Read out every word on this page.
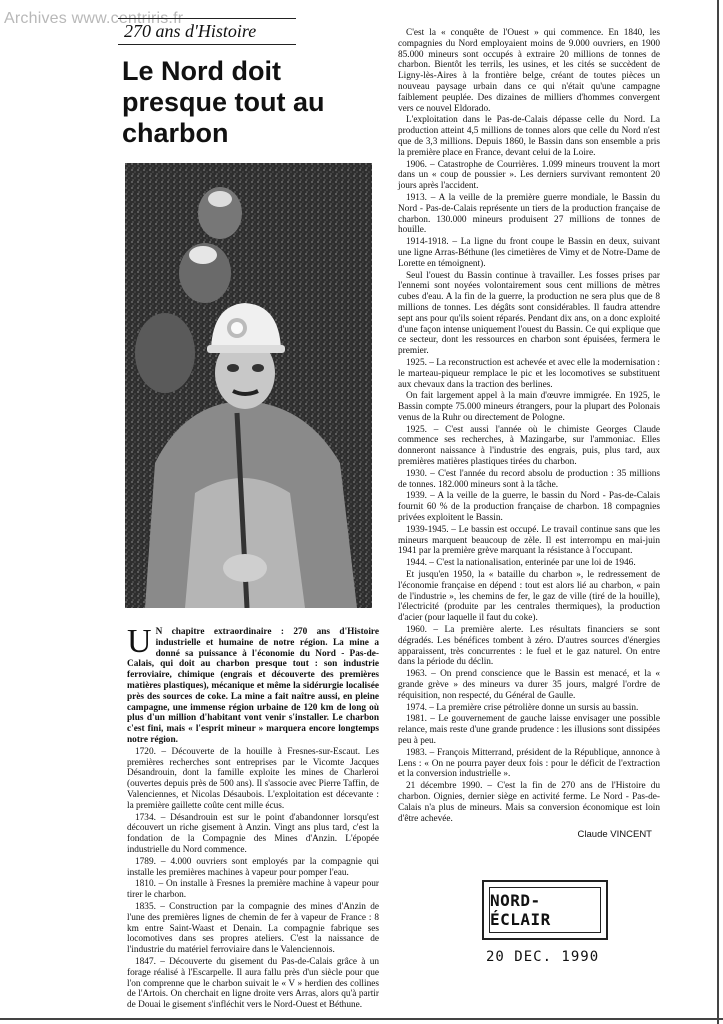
Archives www.centriris.fr
270 ans d'Histoire
Le Nord doit presque tout au charbon

U N chapitre extraordinaire : 270 ans d'Histoire industrielle et humaine de notre région. La mine a donné sa puissance à l'économie du Nord - Pas-de-Calais, qui doit au charbon presque tout : son industrie ferroviaire, chimique (engrais et découverte des premières matières plastiques), mécanique et même la sidérurgie localisée près des sources de coke. La mine a fait naître aussi, en pleine campagne, une immense région urbaine de 120 km de long où plus d'un million d'habitant vont venir s'installer. Le charbon c'est fini, mais « l'esprit mineur » marquera encore longtemps notre région.

1720. – Découverte de la houille à Fresnes-sur-Escaut. Les premières recherches sont entreprises par le Vicomte Jacques Désandrouin, dont la famille exploite les mines de Charleroi (ouvertes depuis près de 500 ans). Il s'associe avec Pierre Taffin, de Valenciennes, et Nicolas Désaubois. L'exploitation est décevante : la première gaillette coûte cent mille écus.

1734. – Désandrouin est sur le point d'abandonner lorsqu'est découvert un riche gisement à Anzin. Vingt ans plus tard, c'est la fondation de la Compagnie des Mines d'Anzin. L'épopée industrielle du Nord commence.

1789. – 4.000 ouvriers sont employés par la compagnie qui installe les premières machines à vapeur pour pomper l'eau.

1810. – On installe à Fresnes la première machine à vapeur pour tirer le charbon.

1835. – Construction par la compagnie des mines d'Anzin de l'une des premières lignes de chemin de fer à vapeur de France : 8 km entre Saint-Waast et Denain. La compagnie fabrique ses locomotives dans ses propres ateliers. C'est la naissance de l'industrie du matériel ferroviaire dans le Valenciennois.

1847. – Découverte du gisement du Pas-de-Calais grâce à un forage réalisé à l'Escarpelle. Il aura fallu près d'un siècle pour que l'on comprenne que le charbon suivait le « V » herdien des collines de l'Artois. On cherchait en ligne droite vers Arras, alors qu'à partir de Douai le gisement s'infléchit vers le Nord-Ouest et Béthune.

C'est la « conquête de l'Ouest » qui commence. En 1840, les compagnies du Nord employaient moins de 9.000 ouvriers, en 1900 85.000 mineurs sont occupés à extraire 20 millions de tonnes de charbon. Bientôt les terrils, les usines, et les cités se succèdent de Ligny-lès-Aires à la frontière belge, créant de toutes pièces un nouveau paysage urbain dans ce qui n'était qu'une campagne faiblement peuplée. Des dizaines de milliers d'hommes convergent vers ce nouvel Eldorado.

L'exploitation dans le Pas-de-Calais dépasse celle du Nord. La production atteint 4,5 millions de tonnes alors que celle du Nord n'est que de 3,3 millions. Depuis 1860, le Bassin dans son ensemble a pris la première place en France, devant celui de la Loire.

1906. – Catastrophe de Courrières. 1.099 mineurs trouvent la mort dans un « coup de poussier ». Les derniers survivant remontent 20 jours après l'accident.

1913. – A la veille de la première guerre mondiale, le Bassin du Nord - Pas-de-Calais représente un tiers de la production française de charbon. 130.000 mineurs produisent 27 millions de tonnes de houille.

1914-1918. – La ligne du front coupe le Bassin en deux, suivant une ligne Arras-Béthune (les cimetières de Vimy et de Notre-Dame de Lorette en témoignent).

Seul l'ouest du Bassin continue à travailler. Les fosses prises par l'ennemi sont noyées volontairement sous cent millions de mètres cubes d'eau. A la fin de la guerre, la production ne sera plus que de 8 millions de tonnes. Les dégâts sont considérables. Il faudra attendre sept ans pour qu'ils soient réparés. Pendant dix ans, on a donc exploité d'une façon intense uniquement l'ouest du Bassin. Ce qui explique que ce secteur, dont les ressources en charbon sont épuisées, fermera le premier.

1925. – La reconstruction est achevée et avec elle la modernisation : le marteau-piqueur remplace le pic et les locomotives se substituent aux chevaux dans la traction des berlines.

On fait largement appel à la main d'œuvre immigrée. En 1925, le Bassin compte 75.000 mineurs étrangers, pour la plupart des Polonais venus de la Ruhr ou directement de Pologne.

1925. – C'est aussi l'année où le chimiste Georges Claude commence ses recherches, à Mazingarbe, sur l'ammoniac. Elles donneront naissance à l'industrie des engrais, puis, plus tard, aux premières matières plastiques tirées du charbon.

1930. – C'est l'année du record absolu de production : 35 millions de tonnes. 182.000 mineurs sont à la tâche.

1939. – A la veille de la guerre, le bassin du Nord - Pas-de-Calais fournit 60 % de la production française de charbon. 18 compagnies privées exploitent le Bassin.

1939-1945. – Le bassin est occupé. Le travail continue sans que les mineurs marquent beaucoup de zèle. Il est interrompu en mai-juin 1941 par la première grève marquant la résistance à l'occupant.

1944. – C'est la nationalisation, enterinée par une loi de 1946.

Et jusqu'en 1950, la « bataille du charbon », le redressement de l'économie française en dépend : tout est alors lié au charbon, « pain de l'industrie », les chemins de fer, le gaz de ville (tiré de la houille), l'électricité (produite par les centrales thermiques), la production d'acier (pour laquelle il faut du coke).

1960. – La première alerte. Les résultats financiers se sont dégradés. Les bénéfices tombent à zéro. D'autres sources d'énergies apparaissent, très concurrentes : le fuel et le gaz naturel. On entre dans la période du déclin.

1963. – On prend conscience que le Bassin est menacé, et la « grande grève » des mineurs va durer 35 jours, malgré l'ordre de réquisition, non respecté, du Général de Gaulle.

1974. – La première crise pétrolière donne un sursis au bassin.

1981. – Le gouvernement de gauche laisse envisager une possible relance, mais reste d'une grande prudence : les illusions sont dissipées peu à peu.

1983. – François Mitterrand, président de la République, annonce à Lens : « On ne pourra payer deux fois : pour le déficit de l'extraction et la conversion industrielle ».

21 décembre 1990. – C'est la fin de 270 ans de l'Histoire du charbon. Oignies, dernier siège en activité ferme. Le Nord - Pas-de-Calais n'a plus de mineurs. Mais sa conversion économique est loin d'être achevée.

Claude VINCENT

NORD-ÉCLAIR
20 DEC. 1990
